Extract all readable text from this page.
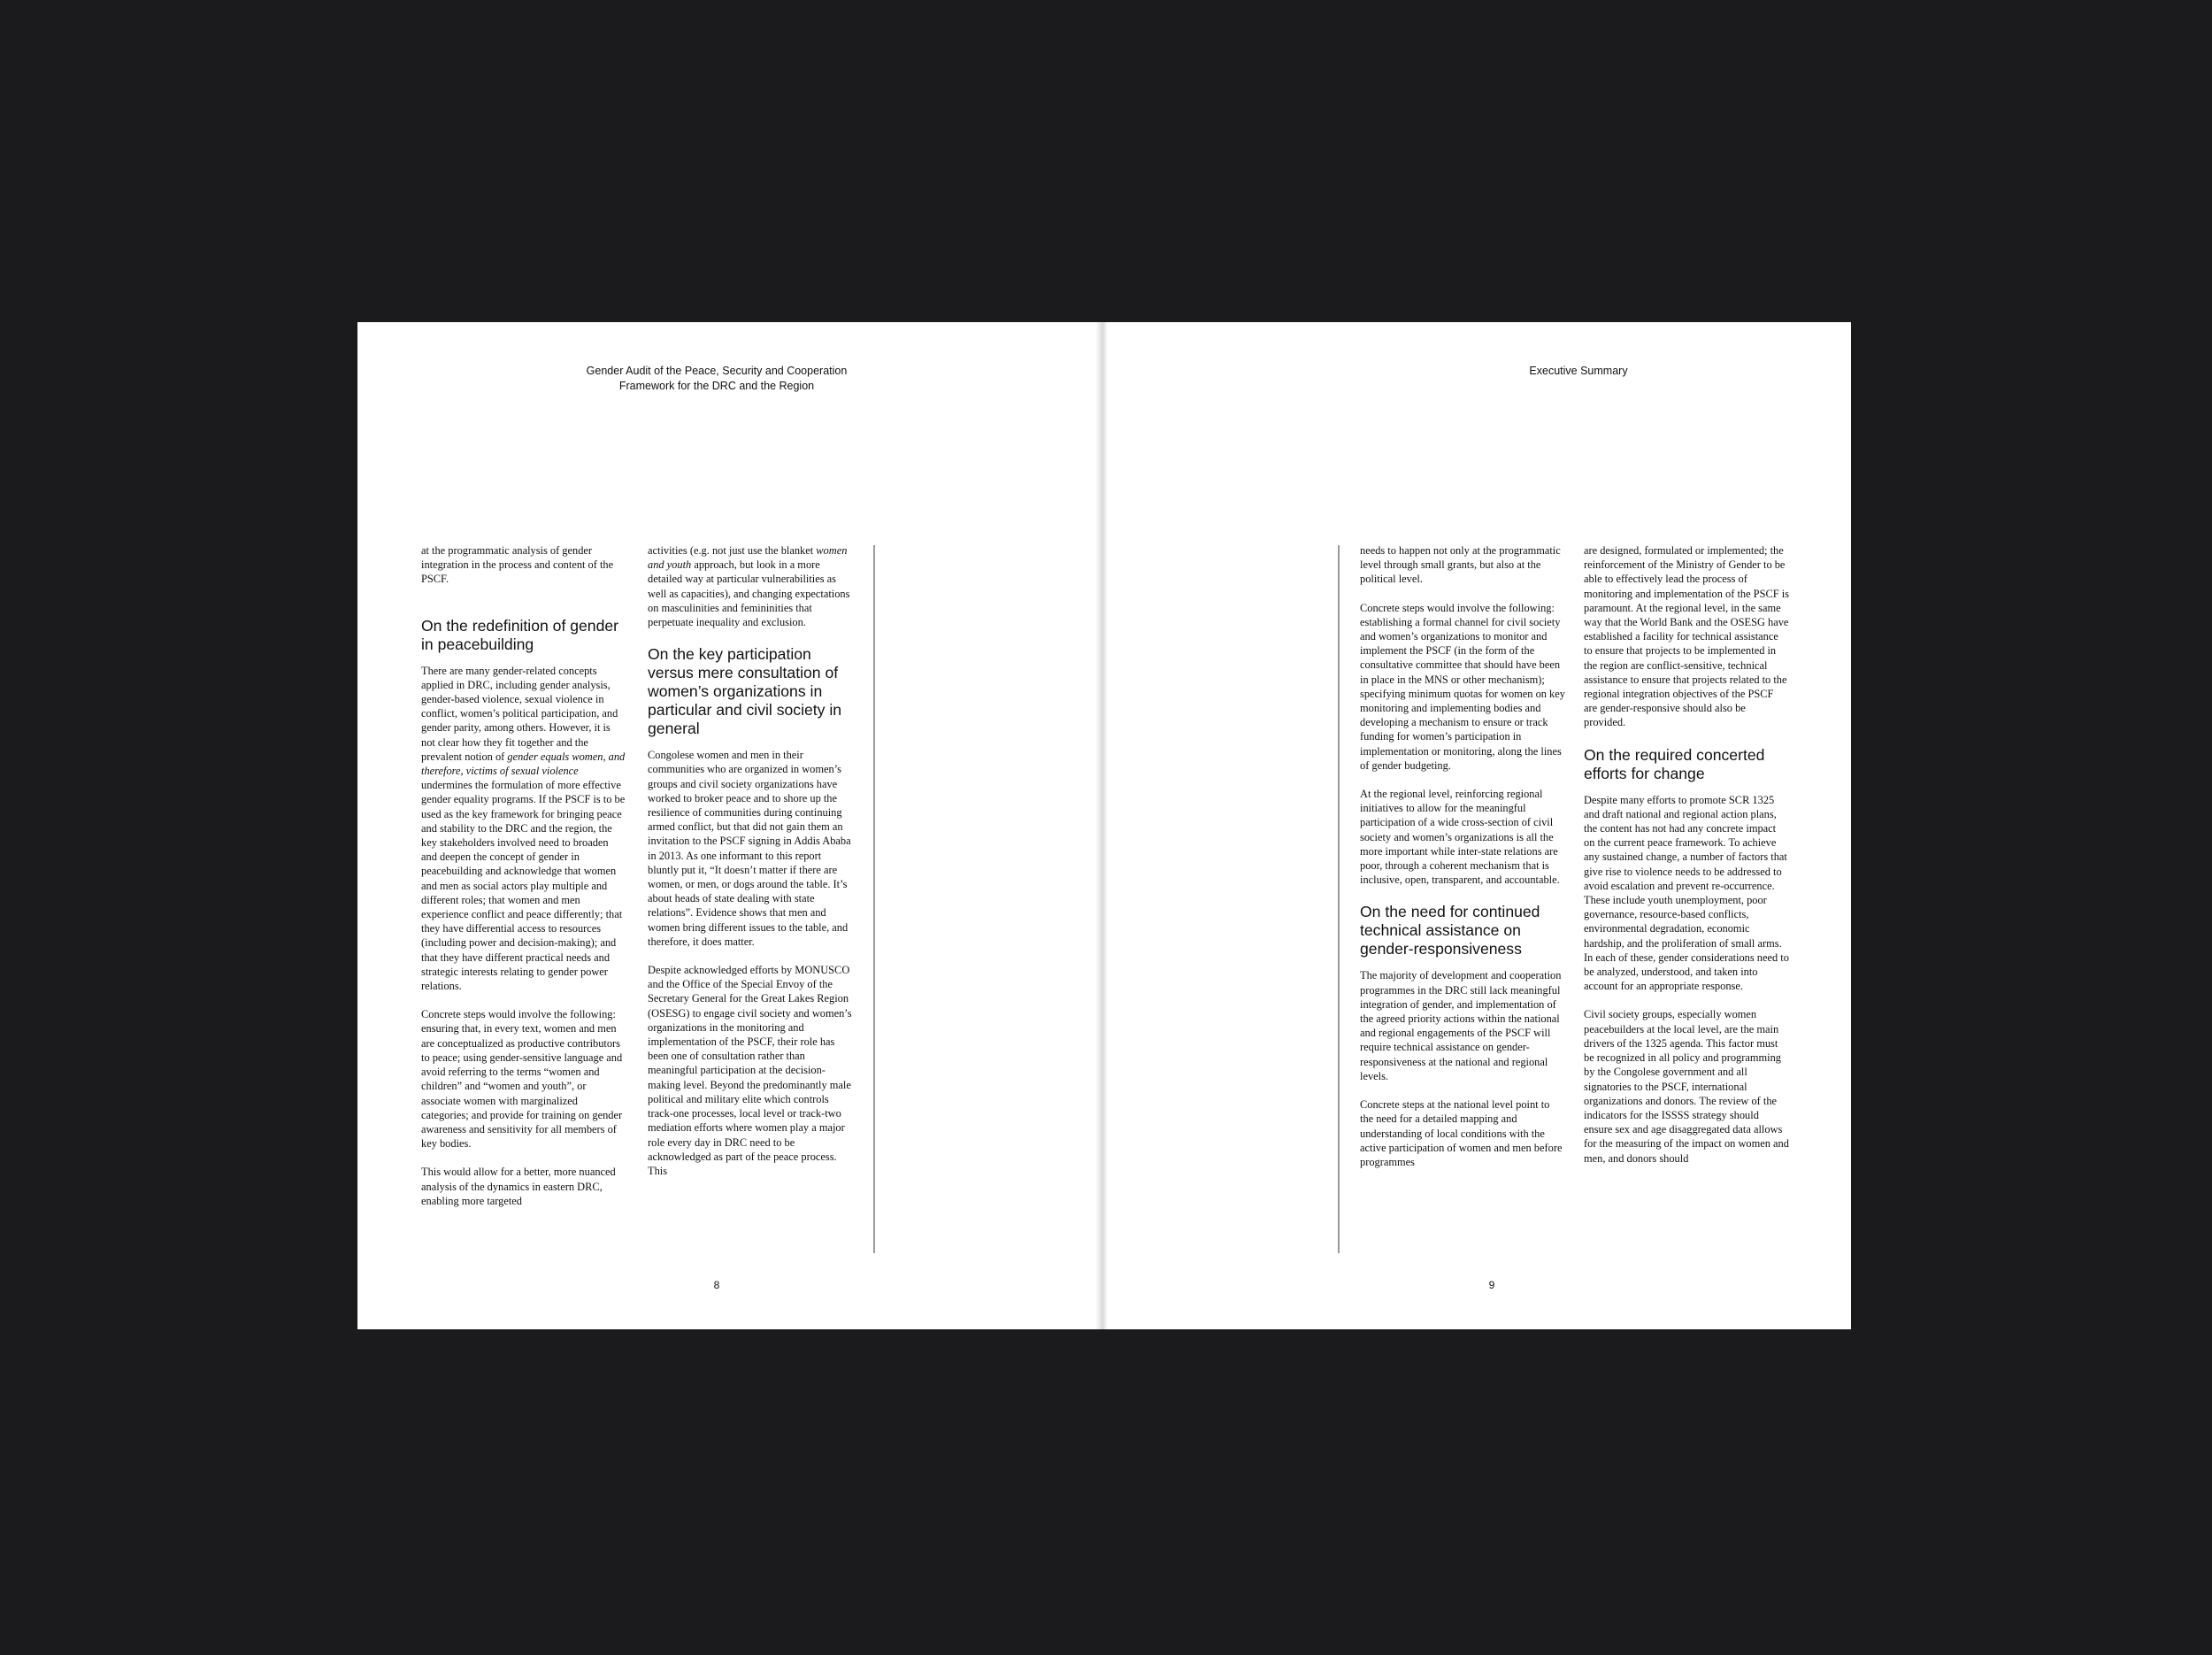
Gender Audit of the Peace, Security and Cooperation
Framework for the DRC and the Region

at the programmatic analysis of gender integration in the process and content of the PSCF.

On the redefinition of gender in peacebuilding

There are many gender-related concepts applied in DRC, including gender analysis, gender-based violence, sexual violence in conflict, women’s political participation, and gender parity, among others. However, it is not clear how they fit together and the prevalent notion of gender equals women, and therefore, victims of sexual violence undermines the formulation of more effective gender equality programs. If the PSCF is to be used as the key framework for bringing peace and stability to the DRC and the region, the key stakeholders involved need to broaden and deepen the concept of gender in peacebuilding and acknowledge that women and men as social actors play multiple and different roles; that women and men experience conflict and peace differently; that they have differential access to resources (including power and decision-making); and that they have different practical needs and strategic interests relating to gender power relations.

Concrete steps would involve the following: ensuring that, in every text, women and men are conceptualized as productive contributors to peace; using gender-sensitive language and avoid referring to the terms “women and children” and “women and youth”, or associate women with marginalized categories; and provide for training on gender awareness and sensitivity for all members of key bodies.

This would allow for a better, more nuanced analysis of the dynamics in eastern DRC, enabling more targeted

activities (e.g. not just use the blanket women and youth approach, but look in a more detailed way at particular vulnerabilities as well as capacities), and changing expectations on masculinities and femininities that perpetuate inequality and exclusion.

On the key participation versus mere consultation of women’s organizations in particular and civil society in general

Congolese women and men in their communities who are organized in women’s groups and civil society organizations have worked to broker peace and to shore up the resilience of communities during continuing armed conflict, but that did not gain them an invitation to the PSCF signing in Addis Ababa in 2013. As one informant to this report bluntly put it, “It doesn’t matter if there are women, or men, or dogs around the table. It’s about heads of state dealing with state relations”. Evidence shows that men and women bring different issues to the table, and therefore, it does matter.

Despite acknowledged efforts by MONUSCO and the Office of the Special Envoy of the Secretary General for the Great Lakes Region (OSESG) to engage civil society and women’s organizations in the monitoring and implementation of the PSCF, their role has been one of consultation rather than meaningful participation at the decision-making level. Beyond the predominantly male political and military elite which controls track-one processes, local level or track-two mediation efforts where women play a major role every day in DRC need to be acknowledged as part of the peace process. This

8
Executive Summary

needs to happen not only at the programmatic level through small grants, but also at the political level.

Concrete steps would involve the following: establishing a formal channel for civil society and women’s organizations to monitor and implement the PSCF (in the form of the consultative committee that should have been in place in the MNS or other mechanism); specifying minimum quotas for women on key monitoring and implementing bodies and developing a mechanism to ensure or track funding for women’s participation in implementation or monitoring, along the lines of gender budgeting.

At the regional level, reinforcing regional initiatives to allow for the meaningful participation of a wide cross-section of civil society and women’s organizations is all the more important while inter-state relations are poor, through a coherent mechanism that is inclusive, open, transparent, and accountable.

On the need for continued technical assistance on gender-responsiveness

The majority of development and cooperation programmes in the DRC still lack meaningful integration of gender, and implementation of the agreed priority actions within the national and regional engagements of the PSCF will require technical assistance on gender-responsiveness at the national and regional levels.

Concrete steps at the national level point to the need for a detailed mapping and understanding of local conditions with the active participation of women and men before programmes

are designed, formulated or implemented; the reinforcement of the Ministry of Gender to be able to effectively lead the process of monitoring and implementation of the PSCF is paramount. At the regional level, in the same way that the World Bank and the OSESG have established a facility for technical assistance to ensure that projects to be implemented in the region are conflict-sensitive, technical assistance to ensure that projects related to the regional integration objectives of the PSCF are gender-responsive should also be provided.

On the required concerted efforts for change

Despite many efforts to promote SCR 1325 and draft national and regional action plans, the content has not had any concrete impact on the current peace framework. To achieve any sustained change, a number of factors that give rise to violence needs to be addressed to avoid escalation and prevent re-occurrence. These include youth unemployment, poor governance, resource-based conflicts, environmental degradation, economic hardship, and the proliferation of small arms. In each of these, gender considerations need to be analyzed, understood, and taken into account for an appropriate response.

Civil society groups, especially women peacebuilders at the local level, are the main drivers of the 1325 agenda. This factor must be recognized in all policy and programming by the Congolese government and all signatories to the PSCF, international organizations and donors. The review of the indicators for the ISSSS strategy should ensure sex and age disaggregated data allows for the measuring of the impact on women and men, and donors should

9
